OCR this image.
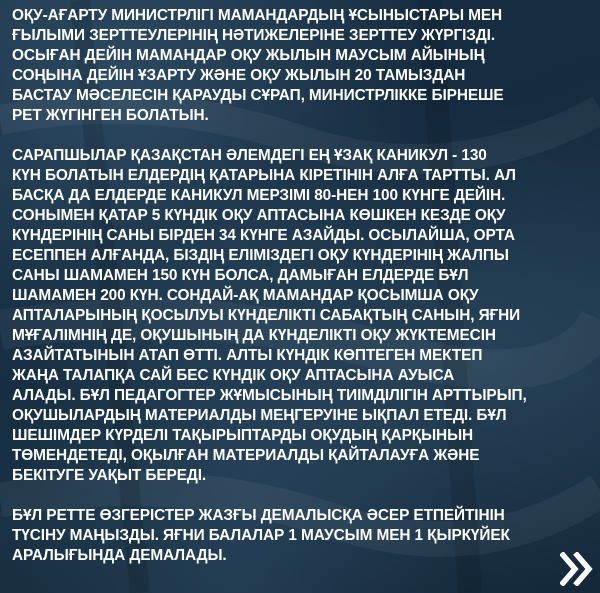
ОҚУ-АҒАРТУ МИНИСТРЛІГІ МАМАНДАРДЫҢ ҰСЫНЫСТАРЫ МЕН
ҒЫЛЫМИ ЗЕРТТЕУЛЕРІНІҢ НӘТИЖЕЛЕРІНЕ ЗЕРТТЕУ ЖҮРГІЗДІ.
ОСЫҒАН ДЕЙІН МАМАНДАР ОҚУ ЖЫЛЫН МАУСЫМ АЙЫНЫҢ
СОҢЫНА ДЕЙІН ҰЗАРТУ ЖӘНЕ ОҚУ ЖЫЛЫН 20 ТАМЫЗДАН
БАСТАУ МӘСЕЛЕСІН ҚАРАУДЫ СҰРАП, МИНИСТРЛІККЕ БІРНЕШЕ
РЕТ ЖҮГІНГЕН БОЛАТЫН.

САРАПШЫЛАР ҚАЗАҚСТАН ӘЛЕМДЕГІ ЕҢ ҰЗАҚ КАНИКУЛ - 130
КҮН БОЛАТЫН ЕЛДЕРДІҢ ҚАТАРЫНА КІРЕТІНІН АЛҒА ТАРТТЫ. АЛ
БАСҚА ДА ЕЛДЕРДЕ КАНИКУЛ МЕРЗІМІ 80-НЕН 100 КҮНГЕ ДЕЙІН.
СОНЫМЕН ҚАТАР 5 КҮНДІК ОҚУ АПТАСЫНА КӨШКЕН КЕЗДЕ ОҚУ
КҮНДЕРІНІҢ САНЫ БІРДЕН 34 КҮНГЕ АЗАЙДЫ. ОСЫЛАЙША, ОРТА
ЕСЕППЕН АЛҒАНДА, БІЗДІҢ ЕЛІМІЗДЕГІ ОҚУ КҮНДЕРІНІҢ ЖАЛПЫ
САНЫ ШАМАМЕН 150 КҮН БОЛСА, ДАМЫҒАН ЕЛДЕРДЕ БҰЛ
ШАМАМЕН 200 КҮН. СОНДАЙ-АҚ МАМАНДАР ҚОСЫМША ОҚУ
АПТАЛАРЫНЫҢ ҚОСЫЛУЫ КҮНДЕЛІКТІ САБАҚТЫҢ САНЫН, ЯҒНИ
МҰҒАЛІМНІҢ ДЕ, ОҚУШЫНЫҢ ДА КҮНДЕЛІКТІ ОҚУ ЖҮКТЕМЕСІН
АЗАЙТАТЫНЫН АТАП ӨТТІ. АЛТЫ КҮНДІК КӨПТЕГЕН МЕКТЕП
ЖАҢА ТАЛАПҚА САЙ БЕС КҮНДІК ОҚУ АПТАСЫНА АУЫСА
АЛАДЫ. БҰЛ ПЕДАГОГТЕР ЖҰМЫСЫНЫҢ ТИІМДІЛІГІН АРТТЫРЫП,
ОҚУШЫЛАРДЫҢ МАТЕРИАЛДЫ МЕҢГЕРУІНЕ ЫҚПАЛ ЕТЕДІ. БҰЛ
ШЕШІМДЕР КҮРДЕЛІ ТАҚЫРЫПТАРДЫ ОҚУДЫҢ ҚАРҚЫНЫН
ТӨМЕНДЕТЕДІ, ОҚЫЛҒАН МАТЕРИАЛДЫ ҚАЙТАЛАУҒА ЖӘНЕ
БЕКІТУГЕ УАҚЫТ БЕРЕДІ.

БҰЛ РЕТТЕ ӨЗГЕРІСТЕР ЖАЗҒЫ ДЕМАЛЫСҚА ӘСЕР ЕТПЕЙТІНІН
ТҮСІНУ МАҢЫЗДЫ. ЯҒНИ БАЛАЛАР 1 МАУСЫМ МЕН 1 ҚЫРКҮЙЕК
АРАЛЫҒЫНДА ДЕМАЛАДЫ.
